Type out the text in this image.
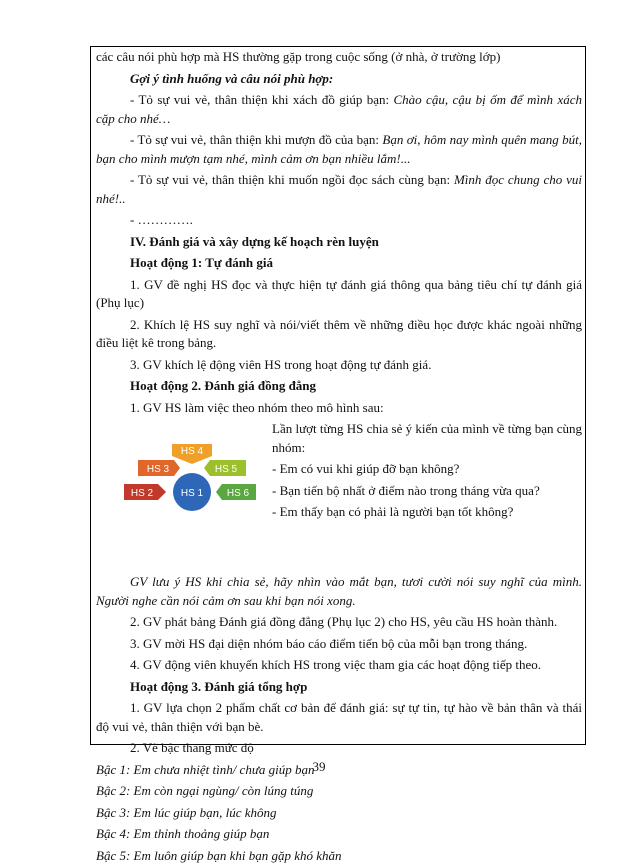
các câu nói phù hợp mà HS thường gặp trong cuộc sống (ở nhà, ở trường lớp)

Gợi ý tình huống và câu nói phù hợp:

- Tỏ sự vui vẻ, thân thiện khi xách đồ giúp bạn: Chào cậu, cậu bị ốm để mình xách cặp cho nhé…

- Tỏ sự vui vẻ, thân thiện khi mượn đồ của bạn: Bạn ơi, hôm nay mình quên mang bút, bạn cho mình mượn tạm nhé, mình cảm ơn bạn nhiều lắm!...

- Tỏ sự vui vẻ, thân thiện khi muốn ngồi đọc sách cùng bạn: Mình đọc chung cho vui nhé!..

- ………….

IV. Đánh giá và xây dựng kế hoạch rèn luyện

Hoạt động 1: Tự đánh giá

1. GV đề nghị HS đọc và thực hiện tự đánh giá thông qua bảng tiêu chí tự đánh giá (Phụ lục)

2. Khích lệ HS suy nghĩ và nói/viết thêm về những điều học được khác ngoài những điều liệt kê trong bảng.

3. GV khích lệ động viên HS trong hoạt động tự đánh giá.

Hoạt động 2. Đánh giá đồng đẳng

1. GV HS làm việc theo nhóm theo mô hình sau:

HS 4
HS 3	HS 5
HS 2	HS 6
HS 1

Lần lượt từng HS chia sẻ ý kiến của mình về từng bạn cùng nhóm:

- Em có vui khi giúp đỡ bạn không?

- Bạn tiến bộ nhất ở điểm nào trong tháng vừa qua?

- Em thấy bạn có phải là người bạn tốt không?

GV lưu ý HS khi chia sẻ, hãy nhìn vào mắt bạn, tươi cười nói suy nghĩ của mình. Người nghe cần nói cảm ơn sau khi bạn nói xong.

2. GV phát bảng Đánh giá đồng đẳng (Phụ lục 2) cho HS, yêu cầu HS hoàn thành.

3. GV mời HS đại diện nhóm báo cáo điểm tiến bộ của mỗi bạn trong tháng.

4. GV động viên khuyến khích HS trong việc tham gia các hoạt động tiếp theo.

Hoạt động 3. Đánh giá tổng hợp

1. GV lựa chọn 2 phẩm chất cơ bản để đánh giá: sự tự tin, tự hào về bản thân và thái độ vui vẻ, thân thiện với bạn bè.

2. Vẽ bậc thang mức độ

Bậc 1: Em chưa nhiệt tình/ chưa giúp bạn

Bậc 2: Em còn ngại ngùng/ còn lúng túng

Bậc 3: Em lúc giúp bạn, lúc không

Bậc 4: Em thỉnh thoảng giúp bạn

Bậc 5: Em luôn giúp bạn khi bạn gặp khó khăn

39
